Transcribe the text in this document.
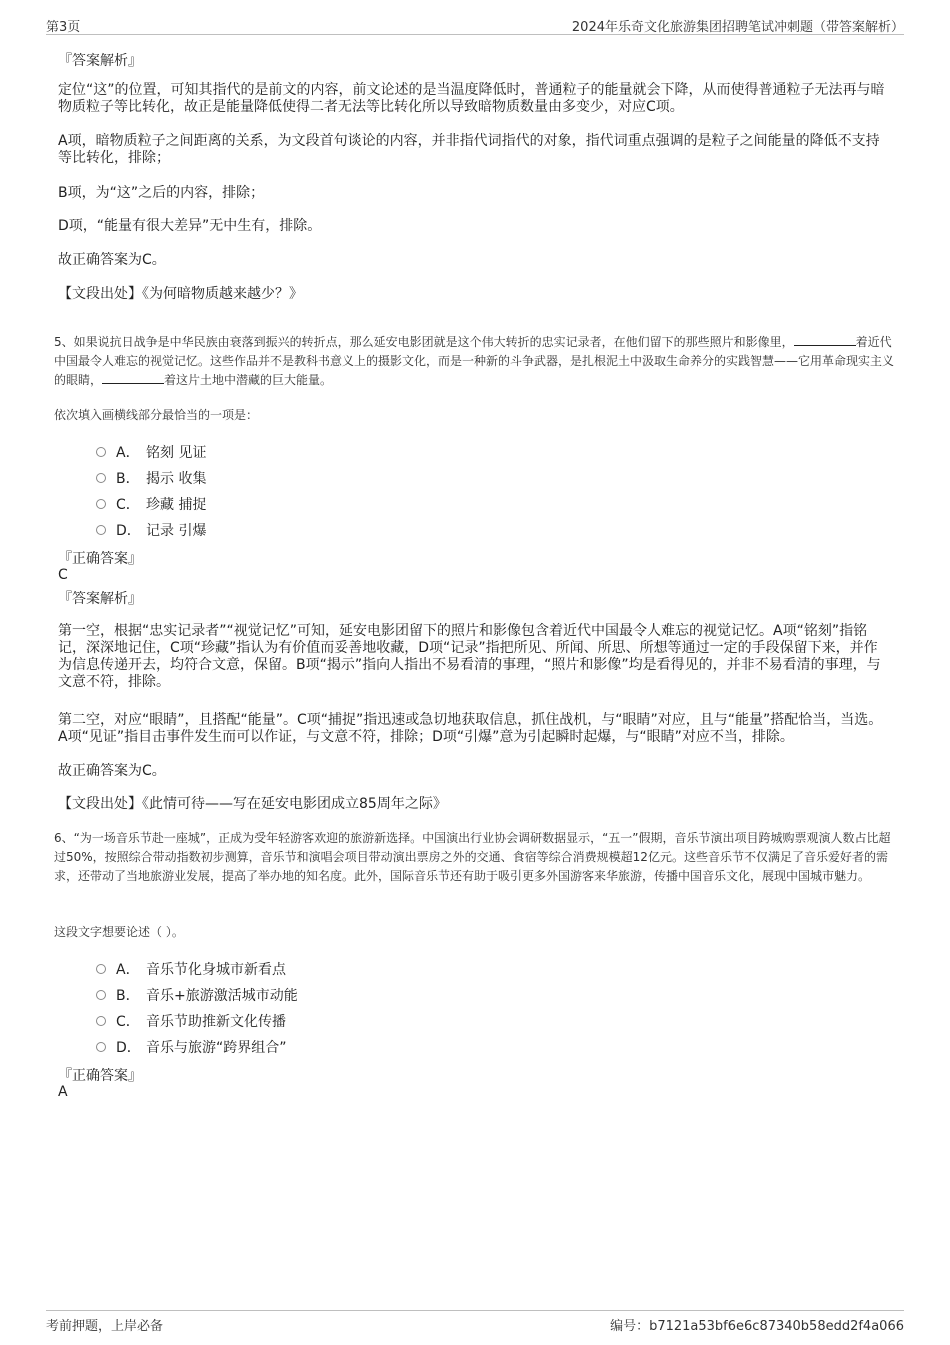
第3页	2024年乐奇文化旅游集团招聘笔试冲刺题（带答案解析）
『答案解析』
定位“这”的位置，可知其指代的是前文的内容，前文论述的是当温度降低时，普通粒子的能量就会下降，从而使得普通粒子无法再与暗物质粒子等比转化，故正是能量降低使得二者无法等比转化所以导致暗物质数量由多变少，对应C项。
A项，暗物质粒子之间距离的关系，为文段首句谈论的内容，并非指代词指代的对象，指代词重点强调的是粒子之间能量的降低不支持等比转化，排除；
B项，为“这”之后的内容，排除；
D项，“能量有很大差异”无中生有，排除。
故正确答案为C。
【文段出处】《为何暗物质越来越少？》
5、如果说抗日战争是中华民族由衰落到振兴的转折点，那么延安电影团就是这个伟大转折的忠实记录者，在他们留下的那些照片和影像里，	着近代中国最令人难忘的视觉记忆。这些作品并不是教科书意义上的摄影文化，而是一种新的斗争武器，是扎根泥土中汲取生命养分的实践智慧——它用革命现实主义的眼睛，	着这片土地中潜藏的巨大能量。
依次填入画横线部分最恰当的一项是：
A． 铭刻 见证
B． 揭示 收集
C． 珍藏 捕捉
D． 记录 引爆
『正确答案』
C
『答案解析』
第一空，根据“忠实记录者”“视觉记忆”可知，延安电影团留下的照片和影像包含着近代中国最令人难忘的视觉记忆。A项“铭刻”指铭记，深深地记住，C项“珍藏”指认为有价值而妥善地收藏，D项“记录”指把所见、所闻、所思、所想等通过一定的手段保留下来，并作为信息传递开去，均符合文意，保留。B项“揭示”指向人指出不易看清的事理，“照片和影像”均是看得见的，并非不易看清的事理，与文意不符，排除。
第二空，对应“眼睛”，且搭配“能量”。C项“捕捉”指迅速或急切地获取信息，抓住战机，与“眼睛”对应，且与“能量”搭配恰当，当选。A项“见证”指目击事件发生而可以作证，与文意不符，排除；D项“引爆”意为引起瞬时起爆，与“眼睛”对应不当，排除。
故正确答案为C。
【文段出处】《此情可待——写在延安电影团成立85周年之际》
6、“为一场音乐节赴一座城”，正成为受年轻游客欢迎的旅游新选择。中国演出行业协会调研数据显示，“五一”假期，音乐节演出项目跨城购票观演人数占比超过50%，按照综合带动指数初步测算，音乐节和演唱会项目带动演出票房之外的交通、食宿等综合消费规模超12亿元。这些音乐节不仅满足了音乐爱好者的需求，还带动了当地旅游业发展，提高了举办地的知名度。此外，国际音乐节还有助于吸引更多外国游客来华旅游，传播中国音乐文化，展现中国城市魅力。
这段文字想要论述（ ）。
A． 音乐节化身城市新看点
B． 音乐+旅游激活城市动能
C． 音乐节助推新文化传播
D． 音乐与旅游“跨界组合”
『正确答案』
A
考前押题，上岸必备	编号：b7121a53bf6e6c87340b58edd2f4a066
